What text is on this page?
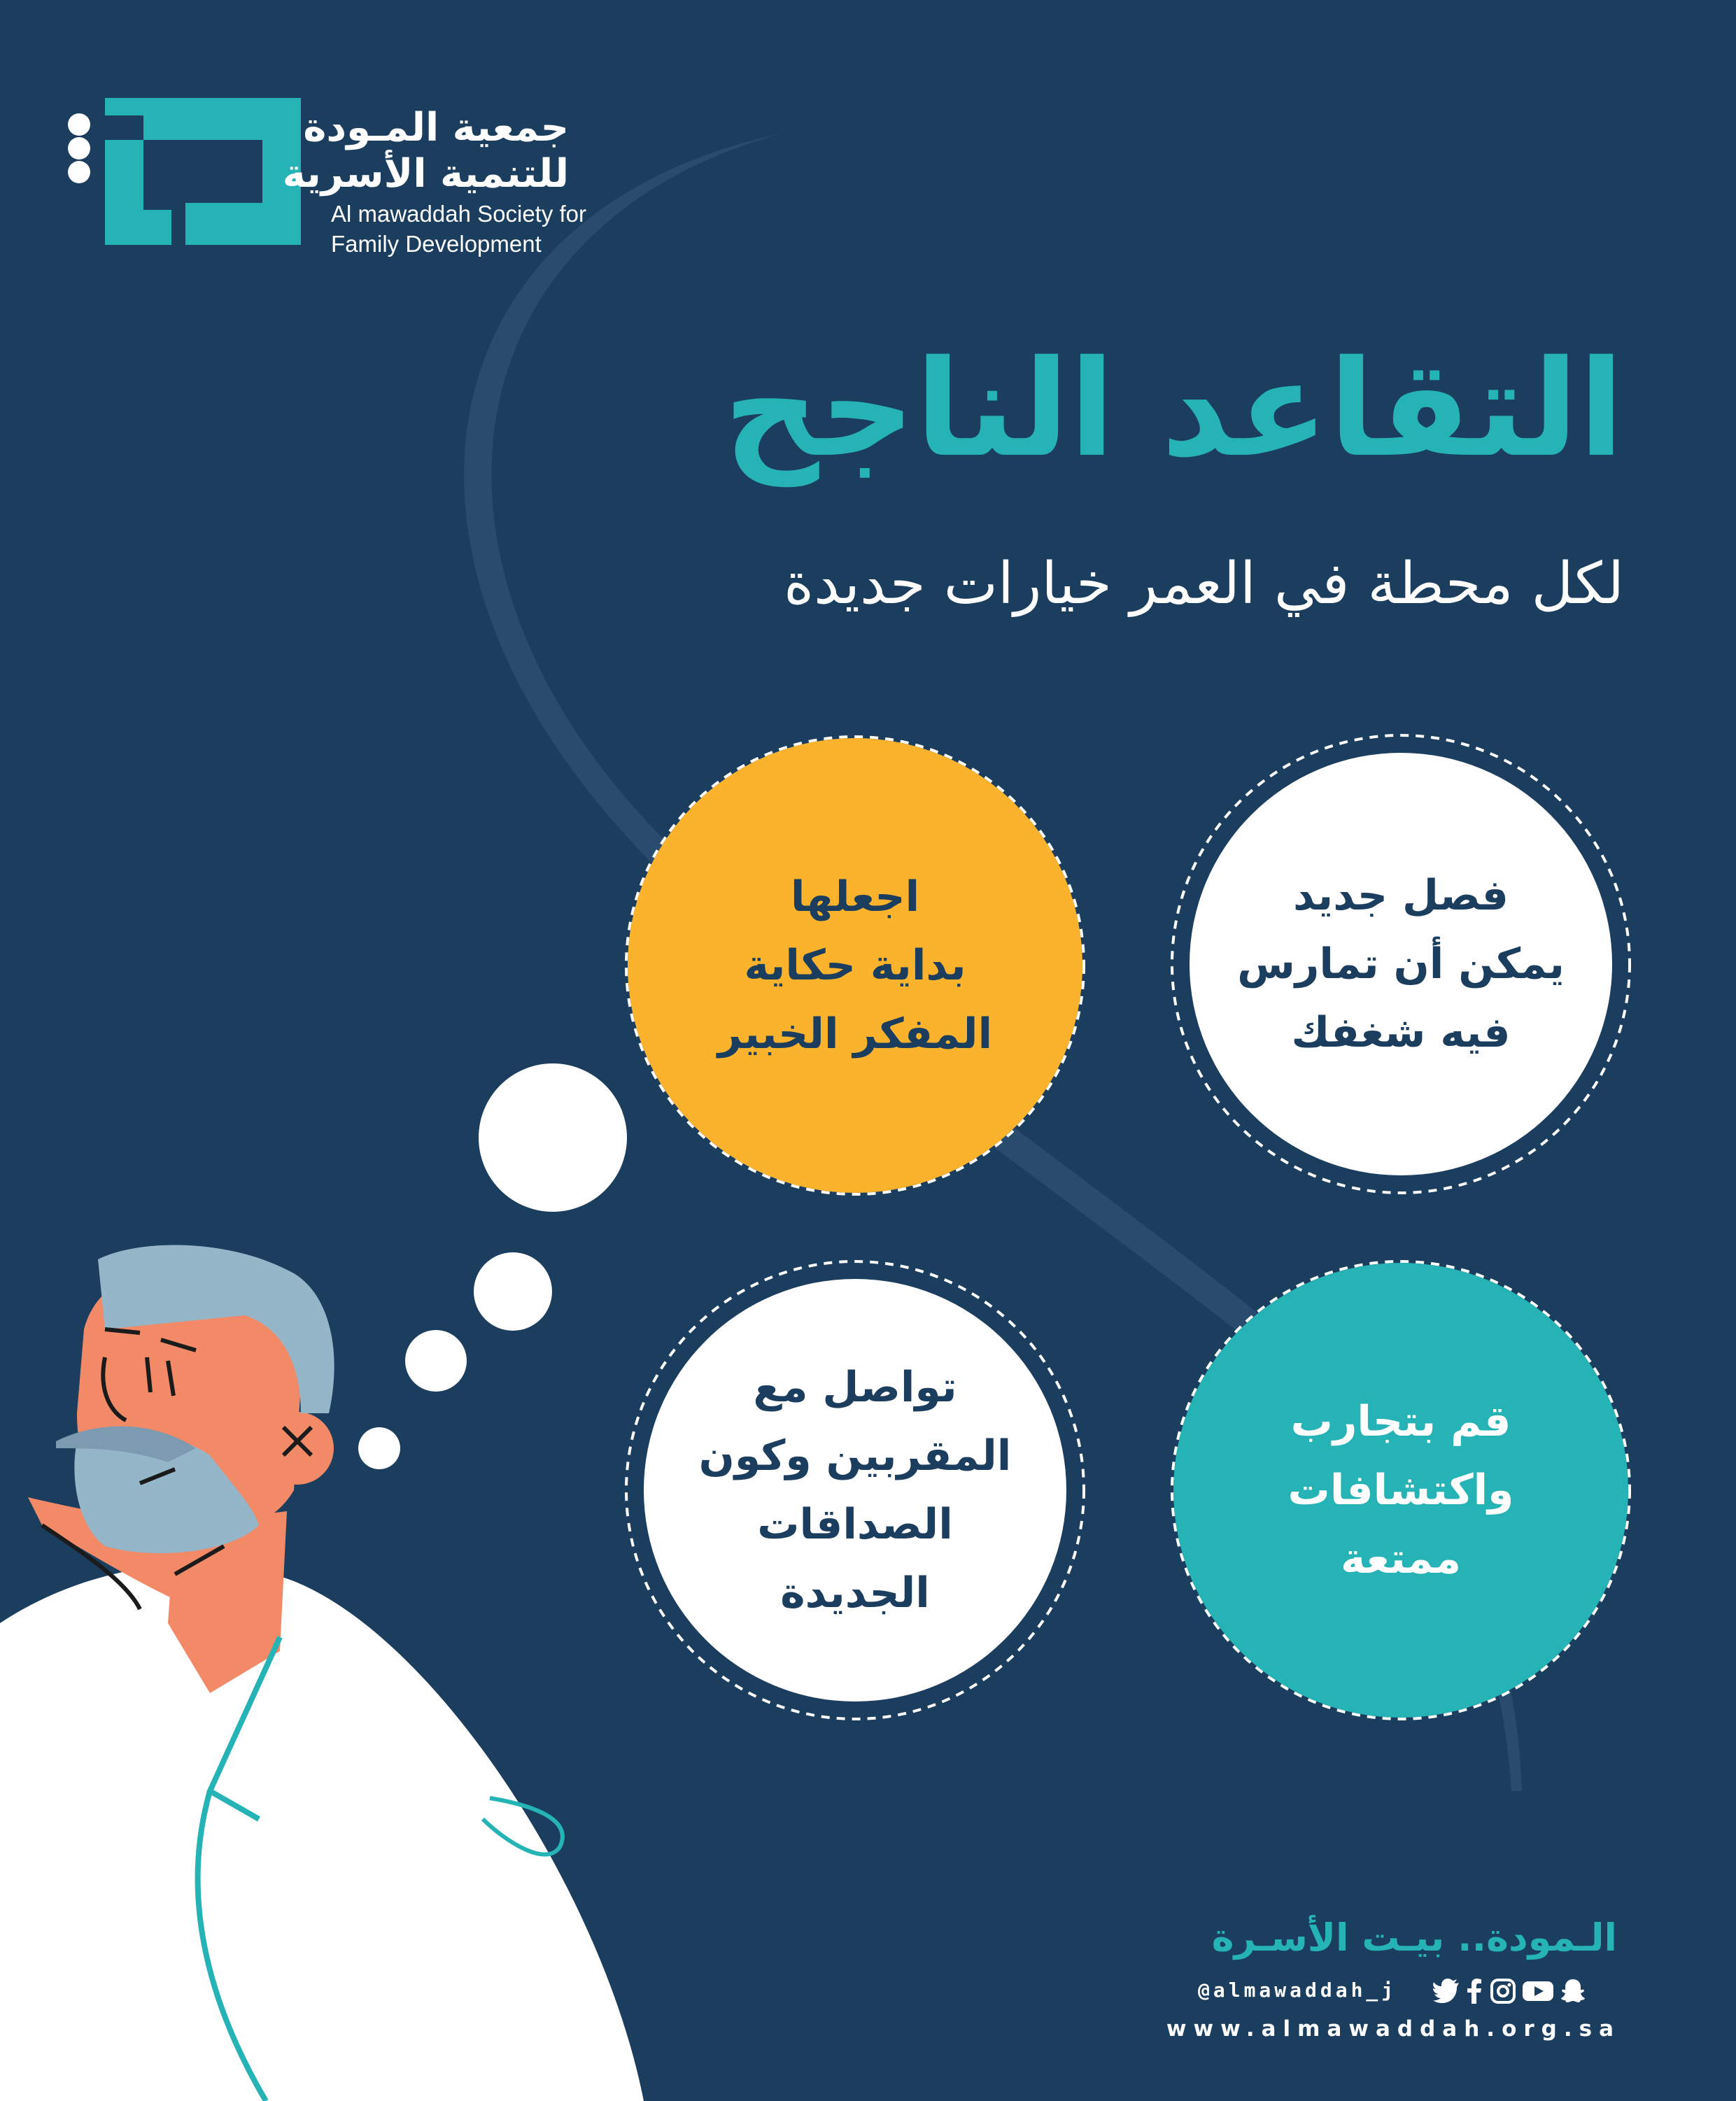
جمعية المـودة
للتنمية الأسرية
Al mawaddah Society for
Family Development
التقاعد الناجح
لكل محطة في العمر خيارات جديدة
فصل جديد
يمكن أن تمارس
فيه شغفك
اجعلها
بداية حكاية
المفكر الخبير
قم بتجارب
واكتشافات
ممتعة
تواصل مع
المقربين وكون
الصداقات
الجديدة
الـمودة.. بيـت الأسـرة
@almawaddah_j
www.almawaddah.org.sa
